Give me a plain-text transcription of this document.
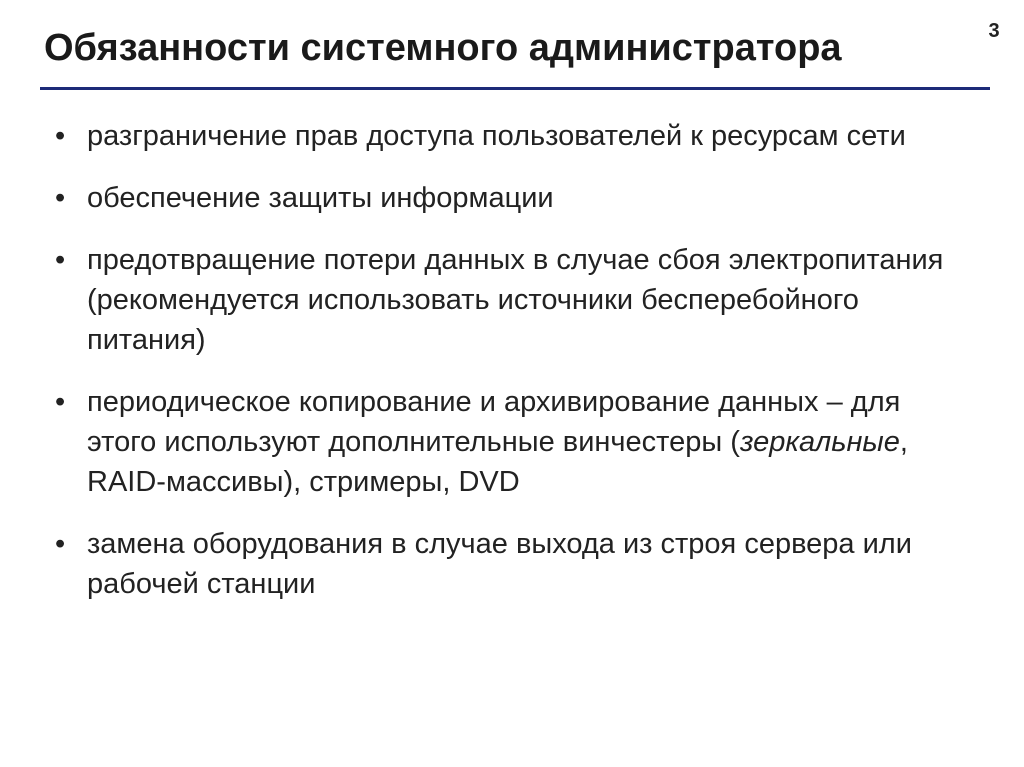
3
Обязанности системного администратора
• разграничение прав доступа пользователей к ресурсам сети
• обеспечение защиты информации
• предотвращение потери данных в случае сбоя электропитания (рекомендуется использовать источники бесперебойного питания)
• периодическое копирование и архивирование данных – для этого используют дополнительные винчестеры (зеркальные, RAID-массивы), стримеры, DVD
• замена оборудования в случае выхода из строя сервера или рабочей станции
